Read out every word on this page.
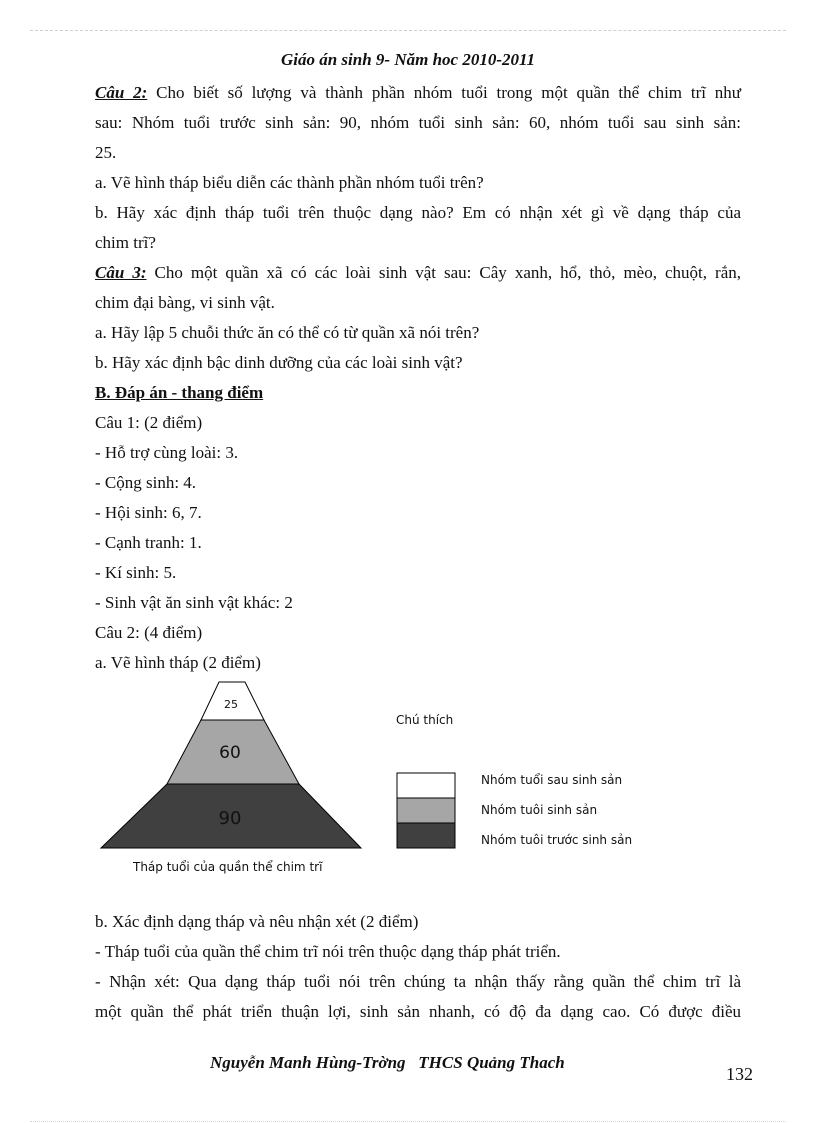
Giáo án sinh 9- Năm hoc 2010-2011
Câu 2: Cho biết số lượng và thành phần nhóm tuổi trong một quần thể chim trĩ như
sau: Nhóm tuổi trước sinh sản: 90, nhóm tuổi sinh sản: 60, nhóm tuổi sau sinh sản:
25.
a. Vẽ hình tháp biểu diễn các thành phần nhóm tuổi trên?
b. Hãy xác định tháp tuổi trên thuộc dạng nào? Em có nhận xét gì về dạng tháp của
chim trĩ?
Câu 3: Cho một quần xã có các loài sinh vật sau: Cây xanh, hổ, thỏ, mèo, chuột, rắn,
chim đại bàng, vi sinh vật.
a. Hãy lập 5 chuỗi thức ăn có thể có từ quần xã nói trên?
b. Hãy xác định bậc dinh dưỡng của các loài sinh vật?
B. Đáp án - thang điểm
Câu 1: (2 điểm)
- Hỗ trợ cùng loài: 3.
- Cộng sinh: 4.
- Hội sinh: 6, 7.
- Cạnh tranh: 1.
- Kí sinh: 5.
- Sinh vật ăn sinh vật khác: 2
Câu 2: (4 điểm)
a. Vẽ hình tháp (2 điểm)
25
60
90
Tháp tuổi của quần thể chim trĩ
Chú thích
Nhóm tuổi sau sinh sản
Nhóm tuôi sinh sản
Nhóm tuôi trước sinh sản
b. Xác định dạng tháp và nêu nhận xét (2 điểm)
- Tháp tuổi của quần thể chim trĩ nói trên thuộc dạng tháp phát triển.
- Nhận xét: Qua dạng tháp tuổi nói trên chúng ta nhận thấy rằng quần thể chim trĩ là
một quần thể phát triển thuận lợi, sinh sản nhanh, có độ đa dạng cao. Có được điều
Nguyễn Manh Hùng-Trờng   THCS Quảng Thach
132
